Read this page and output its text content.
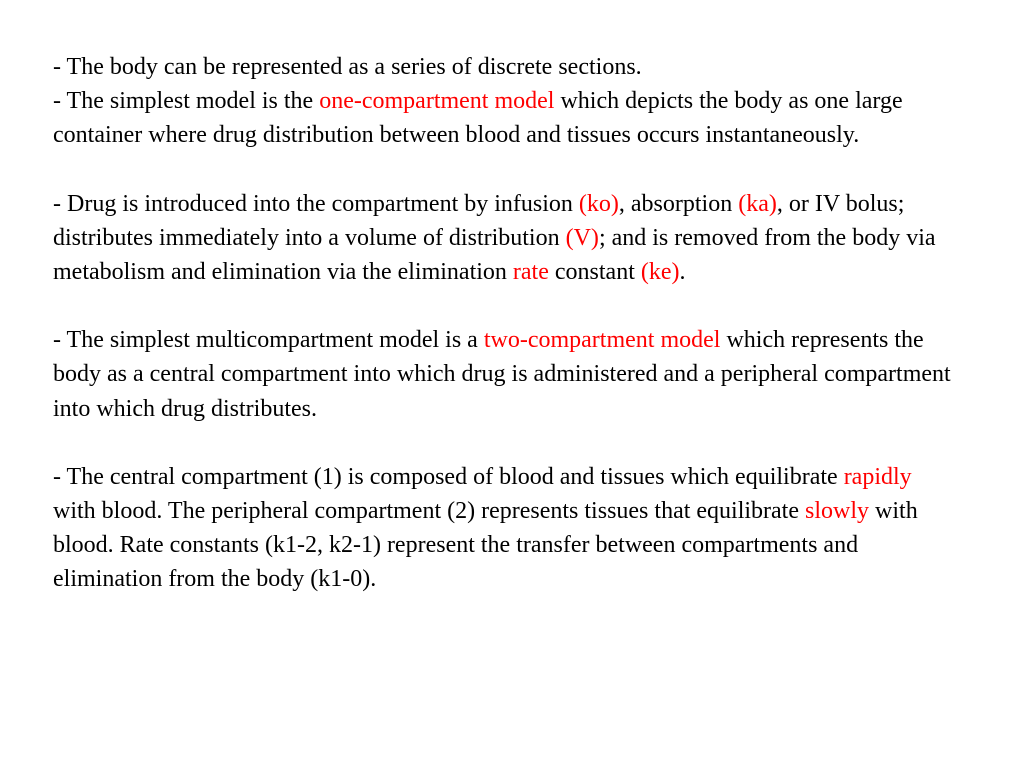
- The body can be represented as a series of discrete sections.
- The simplest model is the one-compartment model which depicts the body as one large container where drug distribution between blood and tissues occurs instantaneously.

- Drug is introduced into the compartment by infusion (ko), absorption (ka), or IV bolus; distributes immediately into a volume of distribution (V); and is removed from the body via metabolism and elimination via the elimination rate constant (ke).

- The simplest multicompartment model is a two-compartment model which represents the body as a central compartment into which drug is administered and a peripheral compartment into which drug distributes.

- The central compartment (1) is composed of blood and tissues which equilibrate rapidly with blood. The peripheral compartment (2) represents tissues that equilibrate slowly with blood. Rate constants (k1-2, k2-1) represent the transfer between compartments and elimination from the body (k1-0).
